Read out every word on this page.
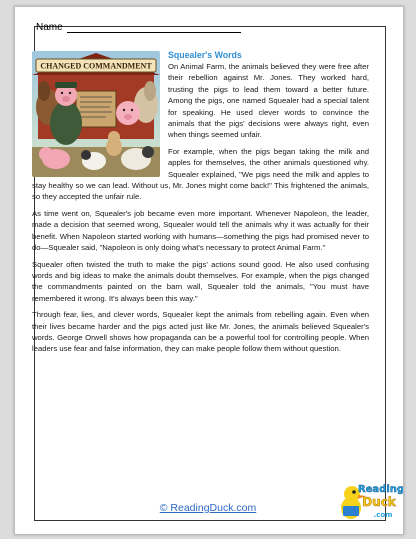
Name
CHANGED COMMANDMENT
Squealer's Words

On Animal Farm, the animals believed they were free after their rebellion against Mr. Jones. They worked hard, trusting the pigs to lead them toward a better future. Among the pigs, one named Squealer had a special talent for speaking. He used clever words to convince the animals that the pigs' decisions were always right, even when things seemed unfair.

For example, when the pigs began taking the milk and apples for themselves, the other animals questioned why. Squealer explained, "We pigs need the milk and apples to stay healthy so we can lead. Without us, Mr. Jones might come back!" This frightened the animals, so they accepted the unfair rule.

As time went on, Squealer's job became even more important. Whenever Napoleon, the leader, made a decision that seemed wrong, Squealer would tell the animals why it was actually for their benefit. When Napoleon started working with humans—something the pigs had promised never to do—Squealer said, "Napoleon is only doing what's necessary to protect Animal Farm."

Squealer often twisted the truth to make the pigs' actions sound good. He also used confusing words and big ideas to make the animals doubt themselves. For example, when the pigs changed the commandments painted on the barn wall, Squealer told the animals, "You must have remembered it wrong. It's always been this way."

Through fear, lies, and clever words, Squealer kept the animals from rebelling again. Even when their lives became harder and the pigs acted just like Mr. Jones, the animals believed Squealer's words. George Orwell shows how propaganda can be a powerful tool for controlling people. When leaders use fear and false information, they can make people follow them without question.

© ReadingDuck.com
Reading
Duck
.com
